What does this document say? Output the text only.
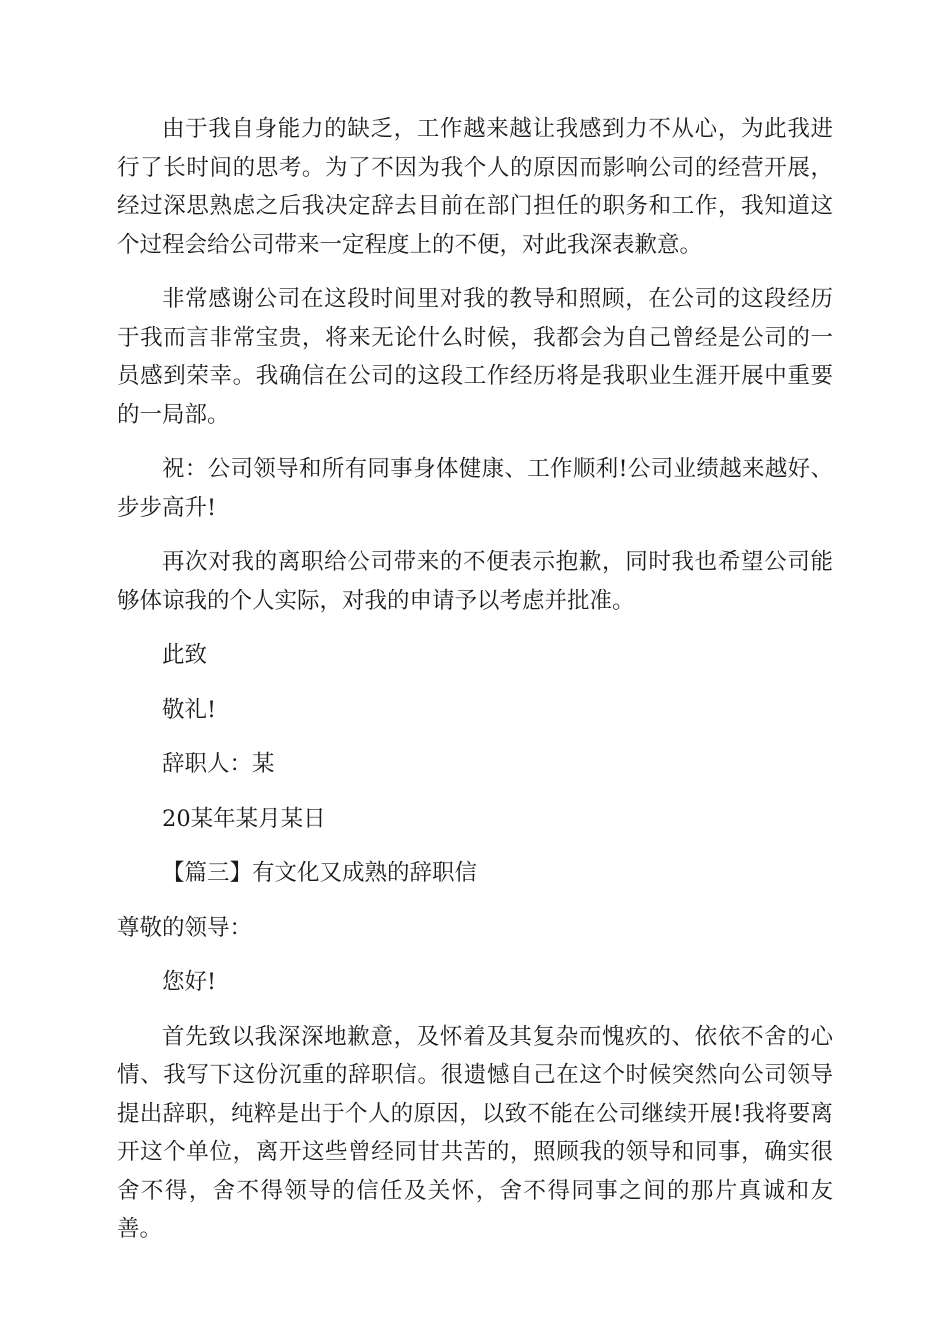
由于我自身能力的缺乏，工作越来越让我感到力不从心，为此我进行了长时间的思考。为了不因为我个人的原因而影响公司的经营开展，经过深思熟虑之后我决定辞去目前在部门担任的职务和工作，我知道这个过程会给公司带来一定程度上的不便，对此我深表歉意。

非常感谢公司在这段时间里对我的教导和照顾，在公司的这段经历于我而言非常宝贵，将来无论什么时候，我都会为自己曾经是公司的一员感到荣幸。我确信在公司的这段工作经历将是我职业生涯开展中重要的一局部。

祝：公司领导和所有同事身体健康、工作顺利!公司业绩越来越好、步步高升!

再次对我的离职给公司带来的不便表示抱歉，同时我也希望公司能够体谅我的个人实际，对我的申请予以考虑并批准。

此致

敬礼!

辞职人：某

20某年某月某日

【篇三】有文化又成熟的辞职信

尊敬的领导：

您好!

首先致以我深深地歉意，及怀着及其复杂而愧疚的、依依不舍的心情、我写下这份沉重的辞职信。很遗憾自己在这个时候突然向公司领导提出辞职，纯粹是出于个人的原因，以致不能在公司继续开展!我将要离开这个单位，离开这些曾经同甘共苦的，照顾我的领导和同事，确实很舍不得，舍不得领导的信任及关怀，舍不得同事之间的那片真诚和友善。
